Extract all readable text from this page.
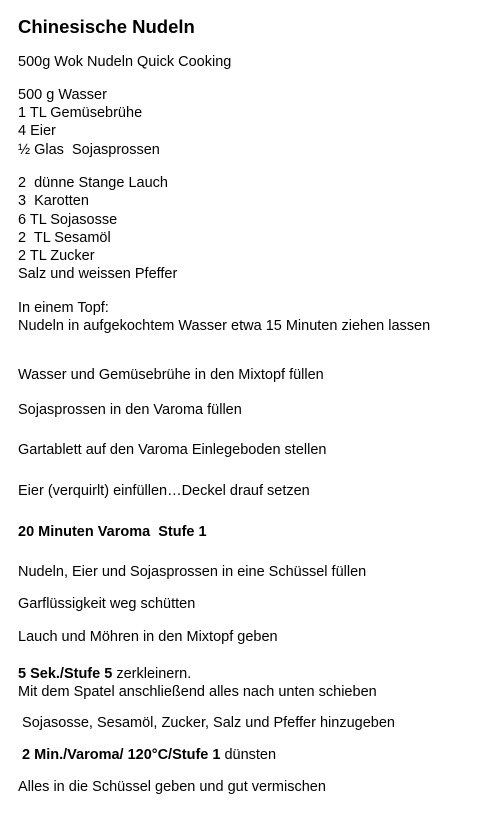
Chinesische Nudeln
500g Wok Nudeln Quick Cooking
500 g Wasser
1 TL Gemüsebrühe
4 Eier
½ Glas  Sojasprossen
2  dünne Stange Lauch
3  Karotten
6 TL Sojasosse
2  TL Sesamöl
2 TL Zucker
Salz und weissen Pfeffer
In einem Topf:
Nudeln in aufgekochtem Wasser etwa 15 Minuten ziehen lassen
Wasser und Gemüsebrühe in den Mixtopf füllen
Sojasprossen in den Varoma füllen
Gartablett auf den Varoma Einlegeboden stellen
Eier (verquirlt) einfüllen…Deckel drauf setzen
20 Minuten Varoma  Stufe 1
Nudeln, Eier und Sojasprossen in eine Schüssel füllen
Garflüssigkeit weg schütten
Lauch und Möhren in den Mixtopf geben
5 Sek./Stufe 5 zerkleinern.
Mit dem Spatel anschließend alles nach unten schieben
Sojasosse, Sesamöl, Zucker, Salz und Pfeffer hinzugeben
2 Min./Varoma/ 120°C/Stufe 1 dünsten
Alles in die Schüssel geben und gut vermischen
